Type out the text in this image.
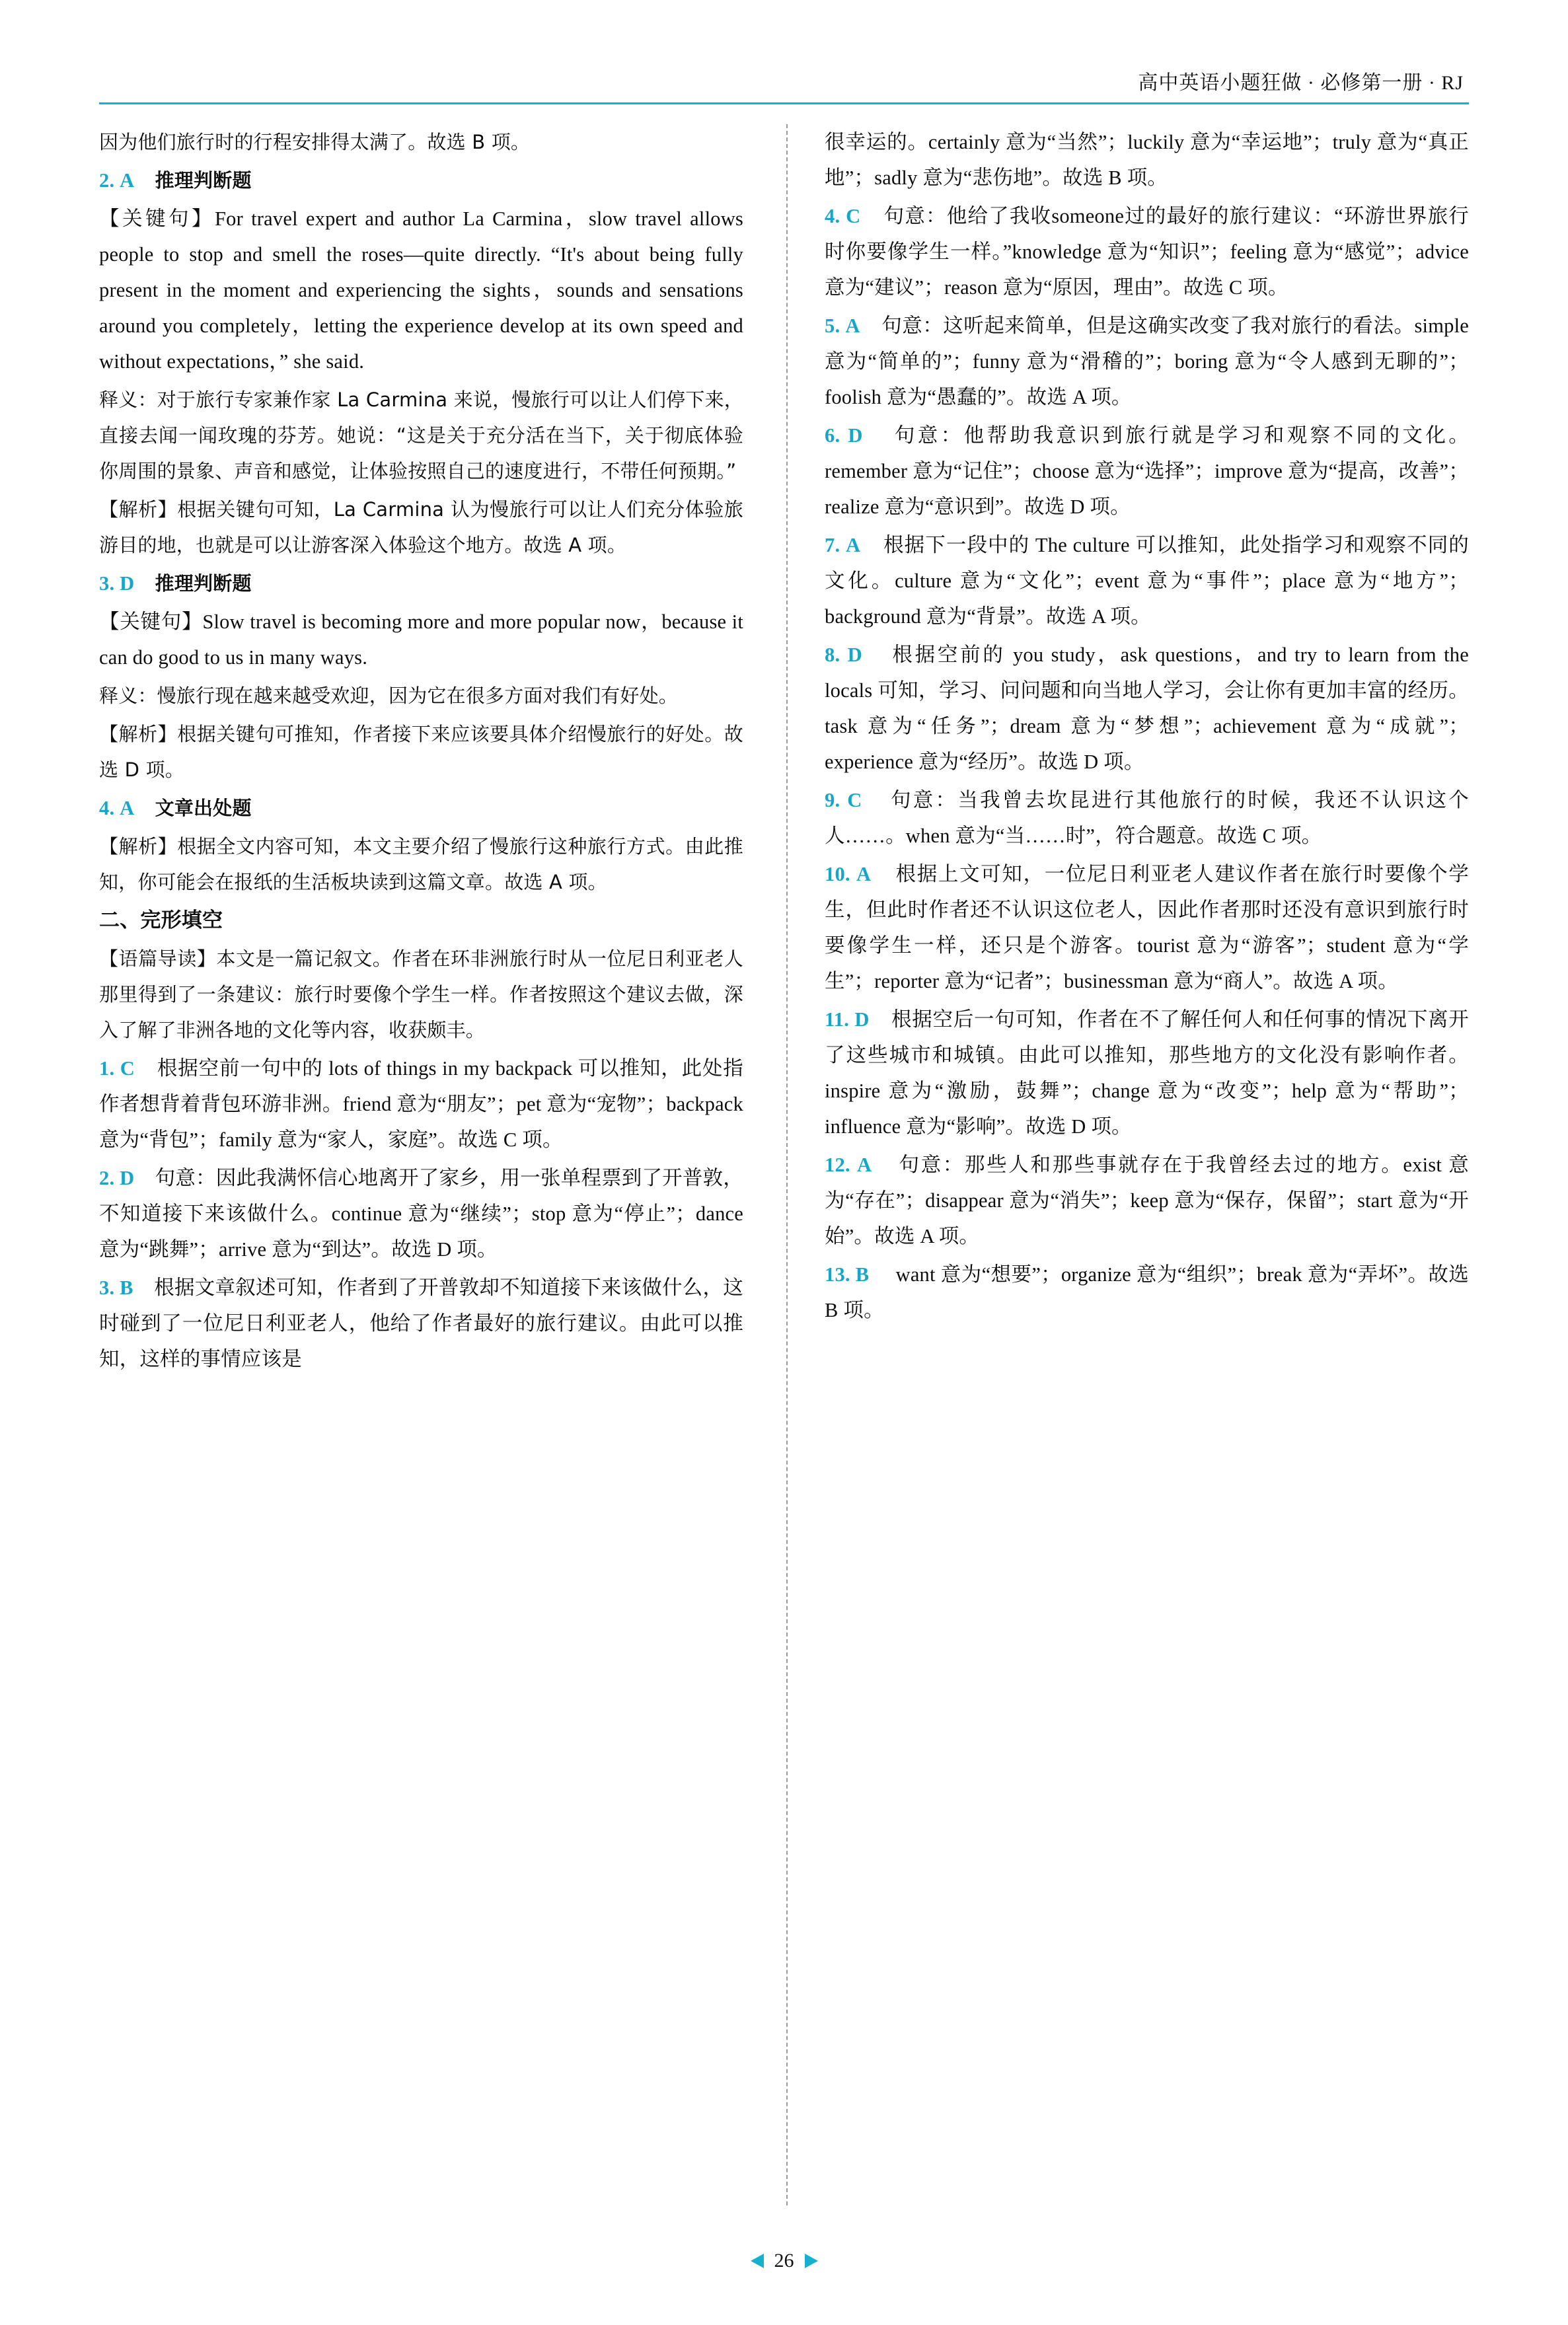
高中英语小题狂做 · 必修第一册 · RJ

因为他们旅行时的行程安排得太满了。故选 B 项。

2. A 推理判断题

【关键句】For travel expert and author La Carmina，slow travel allows people to stop and smell the roses—quite directly. “It's about being fully present in the moment and experiencing the sights，sounds and sensations around you completely，letting the experience develop at its own speed and without expectations，” she said.

释义：对于旅行专家兼作家 La Carmina 来说，慢旅行可以让人们停下来，直接去闻一闻玫瑰的芬芳。她说：“这是关于充分活在当下，关于彻底体验你周围的景象、声音和感觉，让体验按照自己的速度进行，不带任何预期。”

【解析】根据关键句可知，La Carmina 认为慢旅行可以让人们充分体验旅游目的地，也就是可以让游客深入体验这个地方。故选 A 项。

3. D 推理判断题

【关键句】Slow travel is becoming more and more popular now，because it can do good to us in many ways.

释义：慢旅行现在越来越受欢迎，因为它在很多方面对我们有好处。

【解析】根据关键句可推知，作者接下来应该要具体介绍慢旅行的好处。故选 D 项。

4. A 文章出处题

【解析】根据全文内容可知，本文主要介绍了慢旅行这种旅行方式。由此推知，你可能会在报纸的生活板块读到这篇文章。故选 A 项。

二、完形填空

【语篇导读】本文是一篇记叙文。作者在环非洲旅行时从一位尼日利亚老人那里得到了一条建议：旅行时要像个学生一样。作者按照这个建议去做，深入了解了非洲各地的文化等内容，收获颇丰。

1. C 根据空前一句中的 lots of things in my backpack 可以推知，此处指作者想背着背包环游非洲。friend 意为“朋友”；pet 意为“宠物”；backpack 意为“背包”；family 意为“家人，家庭”。故选 C 项。

2. D 句意：因此我满怀信心地离开了家乡，用一张单程票到了开普敦，不知道接下来该做什么。continue 意为“继续”；stop 意为“停止”；dance 意为“跳舞”；arrive 意为“到达”。故选 D 项。

3. B 根据文章叙述可知，作者到了开普敦却不知道接下来该做什么，这时碰到了一位尼日利亚老人，他给了作者最好的旅行建议。由此可以推知，这样的事情应该是

很幸运的。certainly 意为“当然”；luckily 意为“幸运地”；truly 意为“真正地”；sadly 意为“悲伤地”。故选 B 项。

4. C 句意：他给了我收someone过的最好的旅行建议：“环游世界旅行时你要像学生一样。”knowledge 意为“知识”；feeling 意为“感觉”；advice 意为“建议”；reason 意为“原因，理由”。故选 C 项。

5. A 句意：这听起来简单，但是这确实改变了我对旅行的看法。simple 意为“简单的”；funny 意为“滑稽的”；boring 意为“令人感到无聊的”；foolish 意为“愚蠢的”。故选 A 项。

6. D 句意：他帮助我意识到旅行就是学习和观察不同的文化。remember 意为“记住”；choose 意为“选择”；improve 意为“提高，改善”；realize 意为“意识到”。故选 D 项。

7. A 根据下一段中的 The culture 可以推知，此处指学习和观察不同的文化。culture 意为“文化”；event 意为“事件”；place 意为“地方”；background 意为“背景”。故选 A 项。

8. D 根据空前的 you study，ask questions，and try to learn from the locals 可知，学习、问问题和向当地人学习，会让你有更加丰富的经历。task 意为“任务”；dream 意为“梦想”；achievement 意为“成就”；experience 意为“经历”。故选 D 项。

9. C 句意：当我曾去坎昆进行其他旅行的时候，我还不认识这个人……。when 意为“当……时”，符合题意。故选 C 项。

10. A 根据上文可知，一位尼日利亚老人建议作者在旅行时要像个学生，但此时作者还不认识这位老人，因此作者那时还没有意识到旅行时要像学生一样，还只是个游客。tourist 意为“游客”；student 意为“学生”；reporter 意为“记者”；businessman 意为“商人”。故选 A 项。

11. D 根据空后一句可知，作者在不了解任何人和任何事的情况下离开了这些城市和城镇。由此可以推知，那些地方的文化没有影响作者。inspire 意为“激励，鼓舞”；change 意为“改变”；help 意为“帮助”；influence 意为“影响”。故选 D 项。

12. A 句意：那些人和那些事就存在于我曾经去过的地方。exist 意为“存在”；disappear 意为“消失”；keep 意为“保存，保留”；start 意为“开始”。故选 A 项。

13. B     want 意为“想要”；organize 意为“组织”；break 意为“弄坏”。故选 B 项。

26
